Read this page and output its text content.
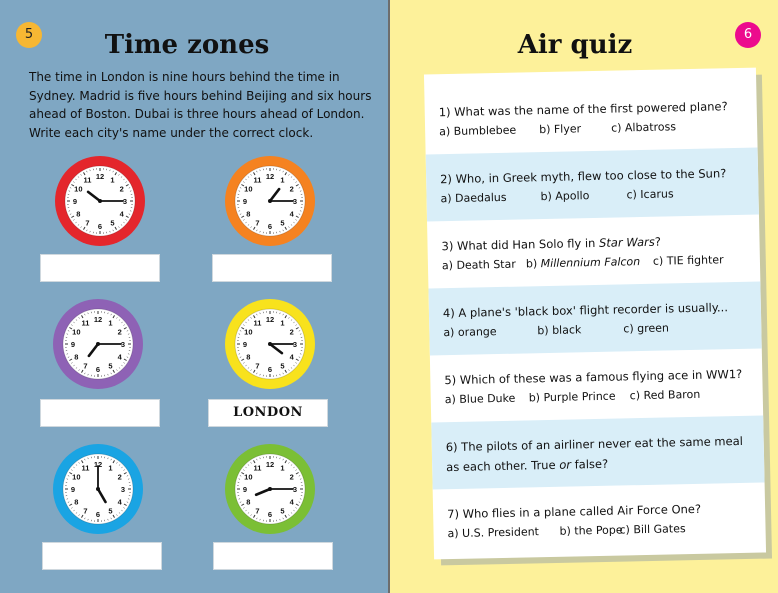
5	Time zones
The time in London is nine hours behind the time in Sydney. Madrid is five hours behind Beijing and six hours ahead of Boston. Dubai is three hours ahead of London. Write each city's name under the correct clock.
1
2
3
4
5
6
7
8
9
10
11 12	1
2
3
4
5
6
7
8
9
10
11 12
1
2
3
4
5
6
7
8
9
10
11 12	1
2
3
4
5
6
7
8
9
10
11 12
1
2
3
4
5
6
7
8
9
10
11 12	1
2
3
4
5
6
7
8
9
10
11 12
LONDON
6
Air quiz
1) What was the name of the first powered plane?
a) Bumblebee b) Flyer	c) Albatross
2) Who, in Greek myth, flew too close to the Sun?
a) Daedalus	b) Apollo	c) Icarus
3) What did Han Solo fly in Star Wars?
a) Death Star b) Millennium Falcon c) TIE fighter
4) A plane's 'black box' flight recorder is usually...
a) orange	b) black	c) green
5) Which of these was a famous flying ace in WW1?
a) Blue Duke b) Purple Prince c) Red Baron
6) The pilots of an airliner never eat the same meal
as each other. True or false?
7) Who flies in a plane called Air Force One?
a) U.S. President b) the Popec) Bill Gates
